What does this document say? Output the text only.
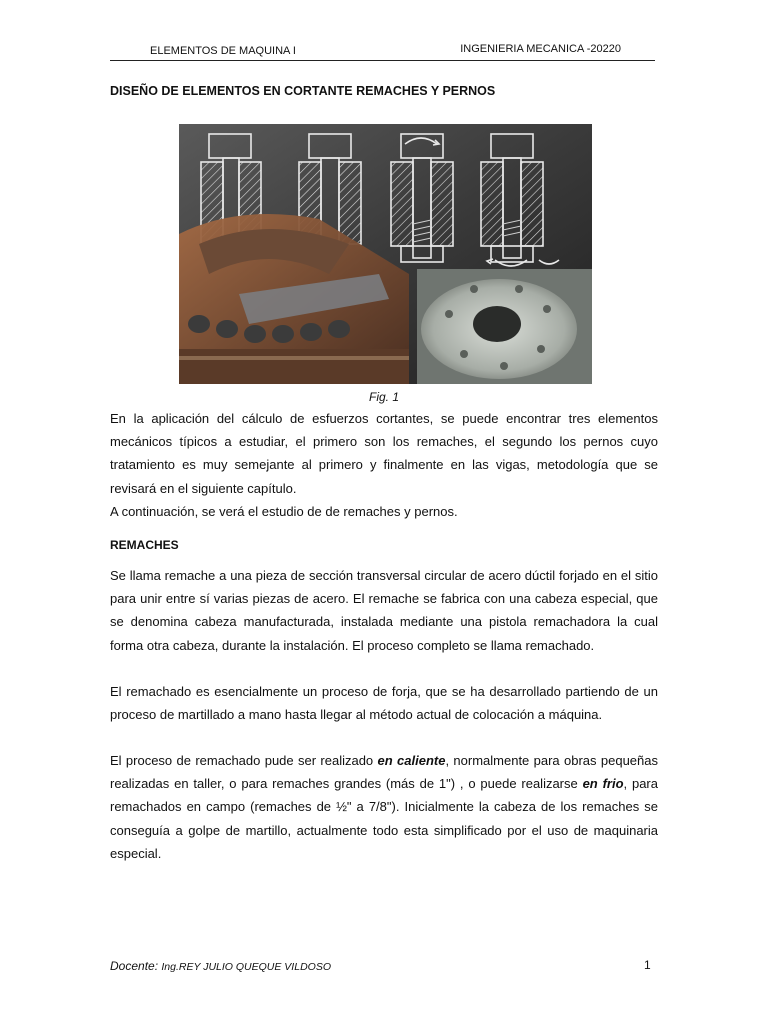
ELEMENTOS DE MAQUINA I	INGENIERIA MECANICA -20220
DISEÑO DE ELEMENTOS EN CORTANTE REMACHES Y PERNOS
Fig. 1

En la aplicación del cálculo de esfuerzos cortantes, se puede encontrar tres elementos mecánicos típicos a estudiar, el primero son los remaches, el segundo los pernos cuyo tratamiento es muy semejante al primero y finalmente en las vigas, metodología que se revisará en el siguiente capítulo.

A continuación, se verá el estudio de de remaches y pernos.

REMACHES

Se llama remache a una pieza de sección transversal circular de acero dúctil forjado en el sitio para unir entre sí varias piezas de acero. El remache se fabrica con una cabeza especial, que se denomina cabeza manufacturada, instalada mediante una pistola remachadora la cual forma otra cabeza, durante la instalación. El proceso completo se llama remachado.

El remachado es esencialmente un proceso de forja, que se ha desarrollado partiendo de un proceso de martillado a mano hasta llegar al método actual de colocación a máquina.

El proceso de remachado pude ser realizado en caliente, normalmente para obras pequeñas realizadas en taller, o para remaches grandes (más de 1") , o puede realizarse en frio, para remachados en campo (remaches de ½" a 7/8"). Inicialmente la cabeza de los remaches se conseguía a golpe de martillo, actualmente todo esta simplificado por el uso de maquinaria especial.

Docente: Ing.REY JULIO QUEQUE VILDOSO	1
